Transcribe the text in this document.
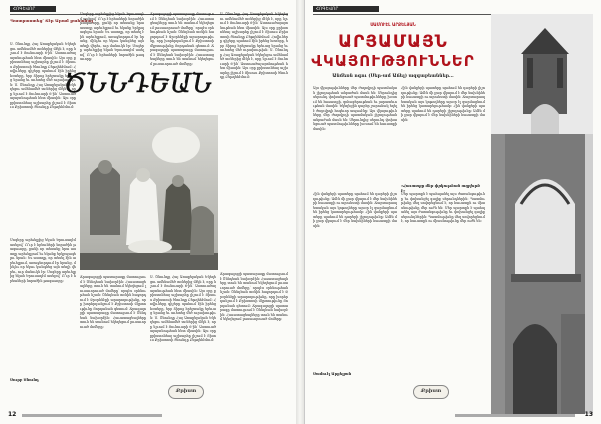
ՀՈԳԵՎՈՐ
Պատրաստեց՝ Տէր Արամ քահանայ
Ս. Ծնունդը Հայ Առաքելական Եկեղեցու ամենամեծ տօներից մէկն է, որը նշւում է Յունուարի 6-ին՝ Աստուածայայտնութեան հետ միասին։ Այս օրը քրիստոնեայ աշխարհը յիշում է Յիսուս Քրիստոսի ծնունդը Բեթղեհէմում։ Հովիւները գիշերը պահում էին իրենց հօտերը, երբ Տիրոջ հրեշտակը երեւաց նրանց եւ աւետեց մեծ ուրախութիւն։ Ս. Ծնունդը Հայ Առաքելական Եկեղեցու ամենամեծ տօներից մէկն է, որը նշւում է Յունուարի 6-ին՝ Աստուածայայտնութեան հետ միասին։ Այս օրը քրիստոնեայ աշխարհը յիշում է Յիսուս Քրիստոսի ծնունդը Բեթղեհէմում։
ԾՆՆԴԵԱՆ
Մոգերը արեւելքից եկան Երուսաղէմ ասելով՝ Ո՞ւր է հրեաների նորածին թագաւորը, քանի որ տեսանք նրա աստղը արեւելքում եւ եկանք երկրպագելու նրան։ Եւ աստղը, որ տեսել էին արեւելքում, առաջնորդում էր նրանց, մինչեւ որ եկաւ կանգնեց այն տեղի վերեւ, ուր մանուկն էր։ Մոգերը արեւելքից եկան Երուսաղէմ ասելով՝ Ո՞ւր է հրեաների նորածին թագաւորը։
Ճրագալոյցի պատարագը մատուցւում է Ծննդեան նախօրէին։ Հաւատացեալները տուն են տանում եկեղեցում լուսաւորուած մոմերը՝ որպէս օրհնութեան նշան։ Ծննդեան տօնին հաջորդում է Ջրօրհնէքի արարողութիւնը, որը խորհրդանշում է Քրիստոսի մկրտութիւնը Յորդանան գետում։ Ճրագալոյցի պատարագը մատուցւում է Ծննդեան նախօրէին։ Հաւատացեալները տուն են տանում եկեղեցում լուսաւորուած մոմերը։
Ս. Ծնունդը Հայ Առաքելական Եկեղեցու ամենամեծ տօներից մէկն է, որը նշւում է Յունուարի 6-ին՝ Աստուածայայտնութեան հետ միասին։ Այս օրը քրիստոնեայ աշխարհը յիշում է Յիսուս Քրիստոսի ծնունդը Բեթղեհէմում։ Հովիւները գիշերը պահում էին իրենց հօտերը, երբ Տիրոջ հրեշտակը երեւաց նրանց եւ աւետեց մեծ ուրախութիւն։ Ս. Ծնունդը Հայ Առաքելական Եկեղեցու ամենամեծ տօներից մէկն է, որը նշւում է Յունուարի 6-ին՝ Աստուածայայտնութեան հետ միասին։ Այս օրը քրիստոնեայ աշխարհը յիշում է Յիսուս Քրիստոսի ծնունդը Բեթղեհէմում։
Մոգերը արեւելքից եկան Երուսաղէմ ասելով՝ Ո՞ւր է հրեաների նորածին թագաւորը, քանի որ տեսանք նրա աստղը արեւելքում եւ եկանք երկրպագելու նրան։ Եւ աստղը, որ տեսել էին արեւելքում, առաջնորդում էր նրանց, մինչեւ որ եկաւ կանգնեց այն տեղի վերեւ, ուր մանուկն էր։ Մոգերը արեւելքից եկան Երուսաղէմ ասելով՝ Ո՞ւր է հրեաների նորածին թագաւորը։
Ճրագալոյցի պատարագը մատուցւում է Ծննդեան նախօրէին։ Հաւատացեալները տուն են տանում եկեղեցում լուսաւորուած մոմերը՝ որպէս օրհնութեան նշան։ Ծննդեան տօնին հաջորդում է Ջրօրհնէքի արարողութիւնը, որը խորհրդանշում է Քրիստոսի մկրտութիւնը Յորդանան գետում։ Ճրագալոյցի պատարագը մատուցւում է Ծննդեան նախօրէին։ Հաւատացեալները տուն են տանում եկեղեցում լուսաւորուած մոմերը։
Ս. Ծնունդը Հայ Առաքելական Եկեղեցու ամենամեծ տօներից մէկն է, որը նշւում է Յունուարի 6-ին՝ Աստուածայայտնութեան հետ միասին։ Այս օրը քրիստոնեայ աշխարհը յիշում է Յիսուս Քրիստոսի ծնունդը Բեթղեհէմում։ Հովիւները գիշերը պահում էին իրենց հօտերը, երբ Տիրոջ հրեշտակը երեւաց նրանց եւ աւետեց մեծ ուրախութիւն։ Ս. Ծնունդը Հայ Առաքելական Եկեղեցու ամենամեծ տօներից մէկն է, որը նշւում է Յունուարի 6-ին՝ Աստուածայայտնութեան հետ միասին։ Այս օրը քրիստոնեայ աշխարհը յիշում է Յիսուս Քրիստոսի ծնունդը Բեթղեհէմում։
Ճրագալոյցի պատարագը մատուցւում է Ծննդեան նախօրէին։ Հաւատացեալները տուն են տանում եկեղեցում լուսաւորուած մոմերը՝ որպէս օրհնութեան նշան։ Ծննդեան տօնին հաջորդում է Ջրօրհնէքի արարողութիւնը, որը խորհրդանշում է Քրիստոսի մկրտութիւնը Յորդանան գետում։ Ճրագալոյցի պատարագը մատուցւում է Ծննդեան նախօրէին։ Հաւատացեալները տուն են տանում եկեղեցում լուսաւորուած մոմերը։
Քրիստ
Սուրբ Ծնունդ
12
ՀՈԳԵՎՈՐ
ՍԱՄՈՒԷԼ ԱՐՔԵԼՅԱՆ
ԱՐՅԱՄԱՅՆ
ՎԿԱՅՈՒԹՅՈՒՆՆԵՐ
Անմեռն ոգու (Սեր-ամ Աճել) ազգաբեաններ...
Այս վկայութիւնները մեր ժողովրդի պատմական յիշողութեան անբաժան մասն են։ Սերունդից սերունդ փոխանցուած պատմութիւնները խօսում են հաւատքի, զոհաբերութեան եւ յարատեւութեան մասին։ Եկեղեցին դարեր շարունակ եղել է ժողովրդի հոգեւոր ապաւէնը։ Այս վկայութիւնները մեր ժողովրդի պատմական յիշողութեան անբաժան մասն են։ Սերունդից սերունդ փոխանցուած պատմութիւնները խօսում են հաւատքի մասին։
Հին վանքերի պատերը պահում են դարերի յիշողութիւնը։ Ամէն մի քար վկայում է մեր նախնիների հաւատքի ու արուեստի մասին։ Ճարտարապետական այս կոթողները այսօր էլ զարմացնում են իրենց կատարելութեամբ։ Հին վանքերի պատերը պահում են դարերի յիշողութիւնը։ Ամէն մի քար վկայում է մեր նախնիների հաւատքի մասին։
«Հաւատքը մեր փրկութեան աղբիւրն է»
Հին վանքերի պատերը պահում են դարերի յիշողութիւնը։ Ամէն մի քար վկայում է մեր նախնիների հաւատքի ու արուեստի մասին։ Ճարտարապետական այս կոթողները այսօր էլ զարմացնում են իրենց կատարելութեամբ։ Հին վանքերի պատերը պահում են դարերի յիշողութիւնը։ Ամէն մի քար վկայում է մեր նախնիների հաւատքի մասին։
Մեր պարտքն է պահպանել այս ժառանգութիւնը եւ փոխանցել գալիք սերունդներին։ Պատմութիւնը մեզ սովորեցնում է, որ հաւատքն ու միասնութիւնը մեր ուժն են։ Մեր պարտքն է պահպանել այս ժառանգութիւնը եւ փոխանցել գալիք սերունդներին։ Պատմութիւնը մեզ սովորեցնում է, որ հաւատքն ու միասնութիւնը մեր ուժն են։
Սամուէլ Արքելյան
Քրիստ
13
